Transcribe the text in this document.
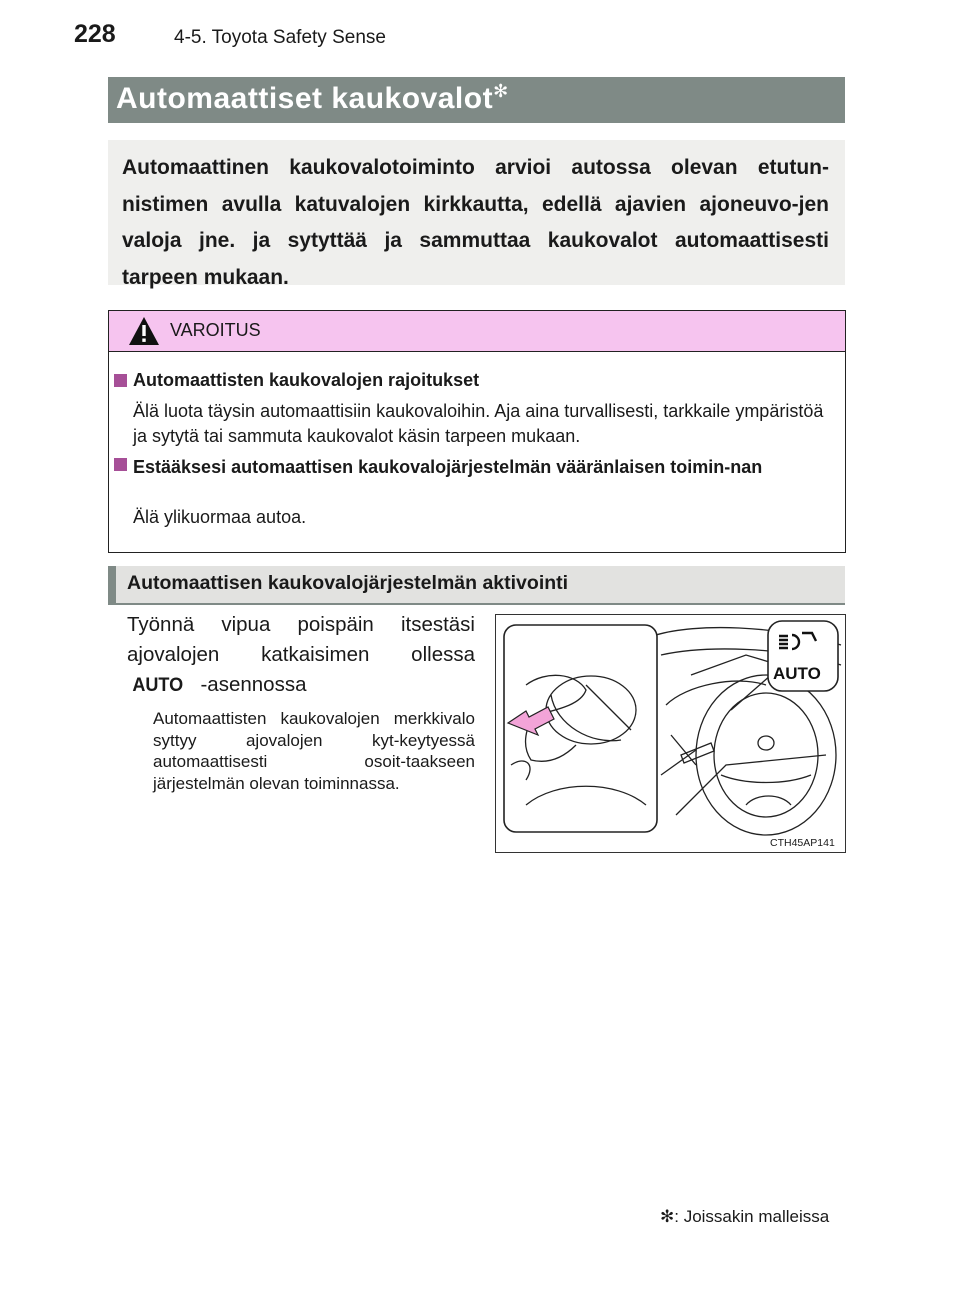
228	4-5. Toyota Safety Sense
Automaattiset kaukovalot✻
Automaattinen kaukovalotoiminto arvioi autossa olevan etutun-nistimen avulla katuvalojen kirkkautta, edellä ajavien ajoneuvo-jen valoja jne. ja sytyttää ja sammuttaa kaukovalot automaattisesti tarpeen mukaan.
VAROITUS
Automaattisten kaukovalojen rajoitukset
Älä luota täysin automaattisiin kaukovaloihin. Aja aina turvallisesti, tarkkaile ympäristöä ja sytytä tai sammuta kaukovalot käsin tarpeen mukaan.
Estääksesi automaattisen kaukovalojärjestelmän vääränlaisen toimin-nan
Älä ylikuormaa autoa.
Automaattisen kaukovalojärjestelmän aktivointi
Työnnä vipua poispäin itsestäsi ajovalojen katkaisimen ollessa
AUTO -asennossa
Automaattisten kaukovalojen merkkivalo syttyy ajovalojen kyt-keytyessä automaattisesti osoit-taakseen järjestelmän olevan toiminnassa.
AUTO
CTH45AP141
✻: Joissakin malleissa
